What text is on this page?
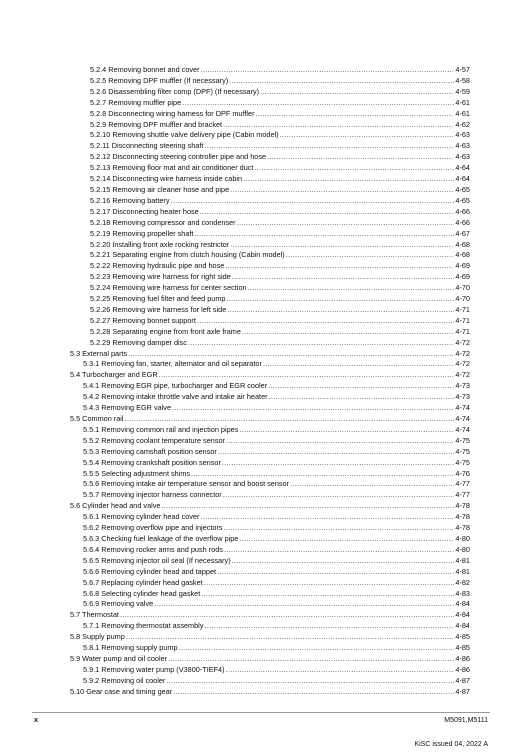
5.2.4 Removing bonnet and cover .....	4-57
5.2.5 Removing DPF muffler (If necessary) .....	4-58
5.2.6 Disassembling filter comp (DPF) (If necessary) .....	4-59
5.2.7 Removing muffler pipe .....	4-61
5.2.8 Disconnecting wiring harness for DPF muffler .....	4-61
5.2.9 Removing DPF muffler and bracket .....	4-62
5.2.10 Removing shuttle valve delivery pipe (Cabin model) .....	4-63
5.2.11 Disconnecting steering shaft .....	4-63
5.2.12 Disconnecting steering controller pipe and hose .....	4-63
5.2.13 Removing floor mat and air conditioner duct .....	4-64
5.2.14 Disconnecting wire harness inside cabin .....	4-64
5.2.15 Removing air cleaner hose and pipe .....	4-65
5.2.16 Removing battery .....	4-65
5.2.17 Disconnecting heater hose .....	4-66
5.2.18 Removing compressor and condenser .....	4-66
5.2.19 Removing propeller shaft .....	4-67
5.2.20 Installing front axle rocking restrictor .....	4-68
5.2.21 Separating engine from clutch housing (Cabin model) .....	4-68
5.2.22 Removing hydraulic pipe and hose .....	4-69
5.2.23 Removing wire harness for right side .....	4-69
5.2.24 Removing wire harness for center section .....	4-70
5.2.25 Removing fuel filter and feed pump .....	4-70
5.2.26 Removing wire harness for left side .....	4-71
5.2.27 Removing bonnet support .....	4-71
5.2.28 Separating engine from front axle frame .....	4-71
5.2.29 Removing damper disc .....	4-72
5.3 External parts .....	4-72
5.3.1 Removing fan, starter, alternator and oil separator .....	4-72
5.4 Turbocharger and EGR .....	4-72
5.4.1 Removing EGR pipe, turbocharger and EGR cooler .....	4-73
5.4.2 Removing intake throttle valve and intake air heater .....	4-73
5.4.3 Removing EGR valve .....	4-74
5.5 Common rail .....	4-74
5.5.1 Removing common rail and injection pipes .....	4-74
5.5.2 Removing coolant temperature sensor .....	4-75
5.5.3 Removing camshaft position sensor .....	4-75
5.5.4 Removing crankshaft position sensor .....	4-75
5.5.5 Selecting adjustment shims .....	4-76
5.5.6 Removing intake air temperature sensor and boost sensor .....	4-77
5.5.7 Removing injector harness connector .....	4-77
5.6 Cylinder head and valve .....	4-78
5.6.1 Removing cylinder head cover .....	4-78
5.6.2 Removing overflow pipe and injectors .....	4-78
5.6.3 Checking fuel leakage of the overflow pipe .....	4-80
5.6.4 Removing rocker arms and push rods .....	4-80
5.6.5 Removing injector oil seal (If necessary) .....	4-81
5.6.6 Removing cylinder head and tappet .....	4-81
5.6.7 Replacing cylinder head gasket .....	4-82
5.6.8 Selecting cylinder head gasket .....	4-83
5.6.9 Removing valve .....	4-84
5.7 Thermostat .....	4-84
5.7.1 Removing thermostat assembly .....	4-84
5.8 Supply pump .....	4-85
5.8.1 Removing supply pump .....	4-85
5.9 Water pump and oil cooler .....	4-86
5.9.1 Removing water pump (V3800-TIEF4) .....	4-86
5.9.2 Removing oil cooler .....	4-87
5.10 Gear case and timing gear .....	4-87
x	M5091,M5111
KiSC issued 04, 2022 A
